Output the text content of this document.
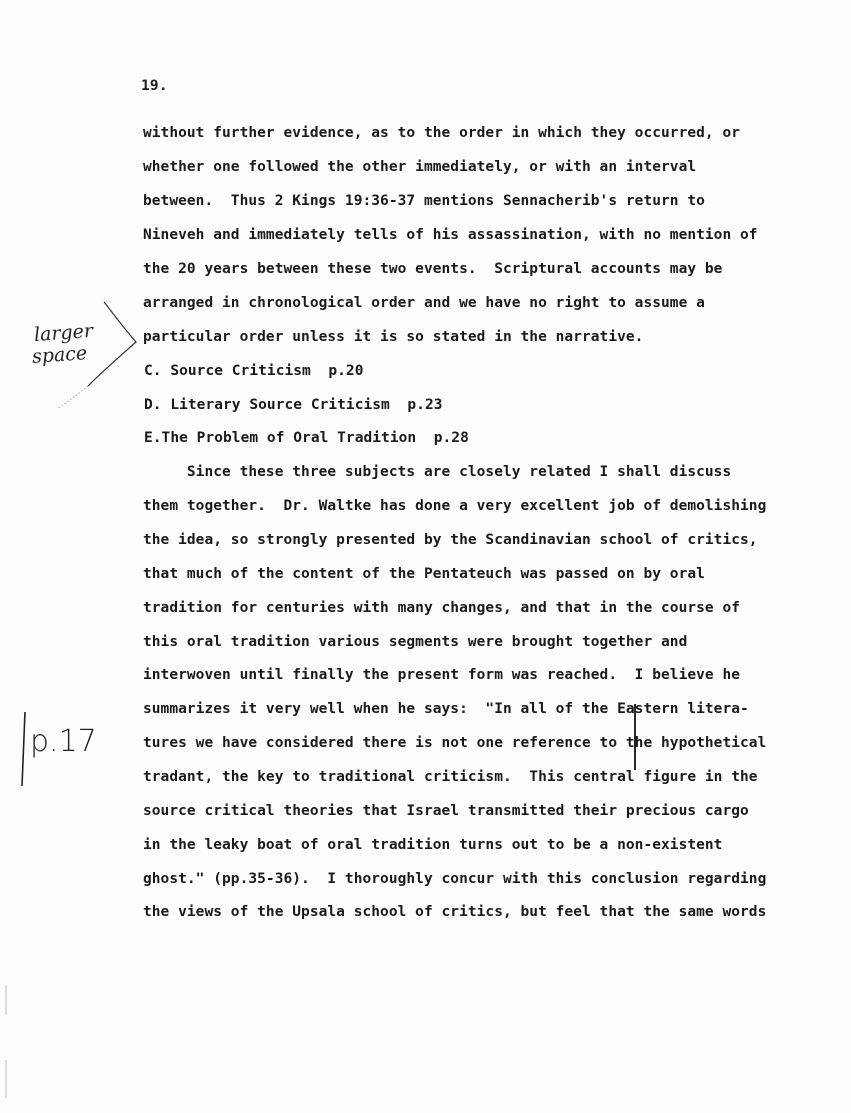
19.
without further evidence, as to the order in which they occurred, or
whether one followed the other immediately, or with an interval
between.  Thus 2 Kings 19:36-37 mentions Sennacherib's return to
Nineveh and immediately tells of his assassination, with no mention of
the 20 years between these two events.  Scriptural accounts may be
arranged in chronological order and we have no right to assume a
particular order unless it is so stated in the narrative.
C. Source Criticism  p.20
D. Literary Source Criticism  p.23
E.The Problem of Oral Tradition  p.28
Since these three subjects are closely related I shall discuss
them together.  Dr. Waltke has done a very excellent job of demolishing
the idea, so strongly presented by the Scandinavian school of critics,
that much of the content of the Pentateuch was passed on by oral
tradition for centuries with many changes, and that in the course of
this oral tradition various segments were brought together and
interwoven until finally the present form was reached.  I believe he
summarizes it very well when he says:  "In all of the Eastern litera-
tures we have considered there is not one reference to the hypothetical
tradant, the key to traditional criticism.  This central figure in the
source critical theories that Israel transmitted their precious cargo
in the leaky boat of oral tradition turns out to be a non-existent
ghost." (pp.35-36).  I thoroughly concur with this conclusion regarding
the views of the Upsala school of critics, but feel that the same words
larger
space
p.17
